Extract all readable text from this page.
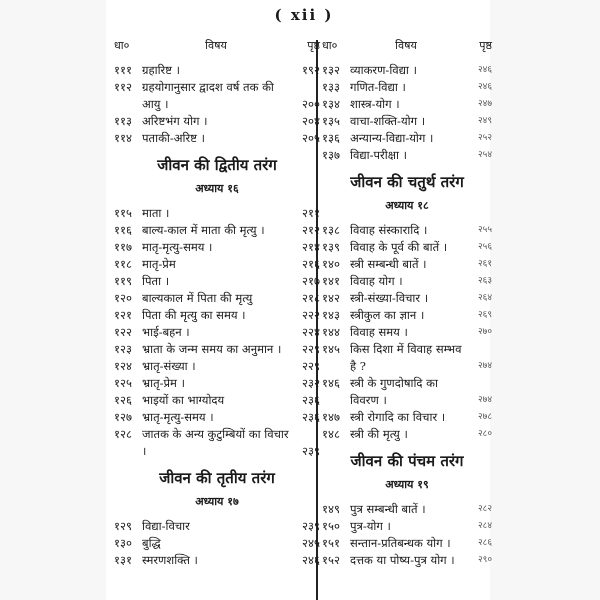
( xii )
धा०	विषय	पृष्ठ
१११ ग्रहारिष्ट ।	१९२
११२ ग्रहयोगानुसार द्वादश वर्ष तक की आयु ।	२००
११३ अरिष्टभंग योग ।	२०४
११४ पताकी-अरिष्ट ।	२०५
जीवन की द्वितीय तरंग
अध्याय १६
११५ माता ।	२११
११६ बाल्य-काल में माता की मृत्यु ।	२१२
११७ मातृ-मृत्यु-समय ।	२१४
११८ मातृ-प्रेम	२१६
११९ पिता ।	२१७
१२० बाल्यकाल में पिता की मृत्यु	२१८
१२१ पिता की मृत्यु का समय ।	२२२
१२२ भाई-बहन ।	२२४
१२३ भ्राता के जन्म समय का अनुमान ।	२२९
१२४ भ्रातृ-संख्या ।	२२९
१२५ भ्रातृ-प्रेम ।	२३२
१२६ भाइयों का भाग्योदय	२३६
१२७ भ्रातृ-मृत्यु-समय ।	२३६
१२८ जातक के अन्य कुटुम्बियों का विचार ।	२३९
जीवन की तृतीय तरंग
अध्याय १७
१२९ विद्या-विचार	२३९
१३० बुद्धि	२४५
१३१ स्मरणशक्ति ।	२४६
धा०	विषय	पृष्ठ
१३२ व्याकरण-विद्या ।	२४६
१३३ गणित-विद्या ।	२४६
१३४ शास्त्र-योग ।	२४७
१३५ वाचा-शक्ति-योग ।	२४९
१३६ अन्यान्य-विद्या-योग ।	२५२
१३७ विद्या-परीक्षा ।	२५४
जीवन की चतुर्थ तरंग
अध्याय १८
१३८ विवाह संस्कारादि ।	२५५
१३९ विवाह के पूर्व की बातें ।	२५६
१४० स्त्री सम्बन्धी बातें ।	२६१
१४१ विवाह योग ।	२६३
१४२ स्त्री-संख्या-विचार ।	२६४
१४३ स्त्रीकुल का ज्ञान ।	२६९
१४४ विवाह समय ।	२७०
१४५ किस दिशा में विवाह सम्भव है ?	२७४
१४६ स्त्री के गुणदोषादि का विवरण ।	२७४
१४७ स्त्री रोगादि का विचार ।	२७८
१४८ स्त्री की मृत्यु ।	२८०
जीवन की पंचम तरंग
अध्याय १९
१४९ पुत्र सम्बन्धी बातें ।	२८२
१५० पुत्र-योग ।	२८४
१५१ सन्तान-प्रतिबन्धक योग ।	२८६
१५२ दत्तक या पोष्य-पुत्र योग ।	२९०
